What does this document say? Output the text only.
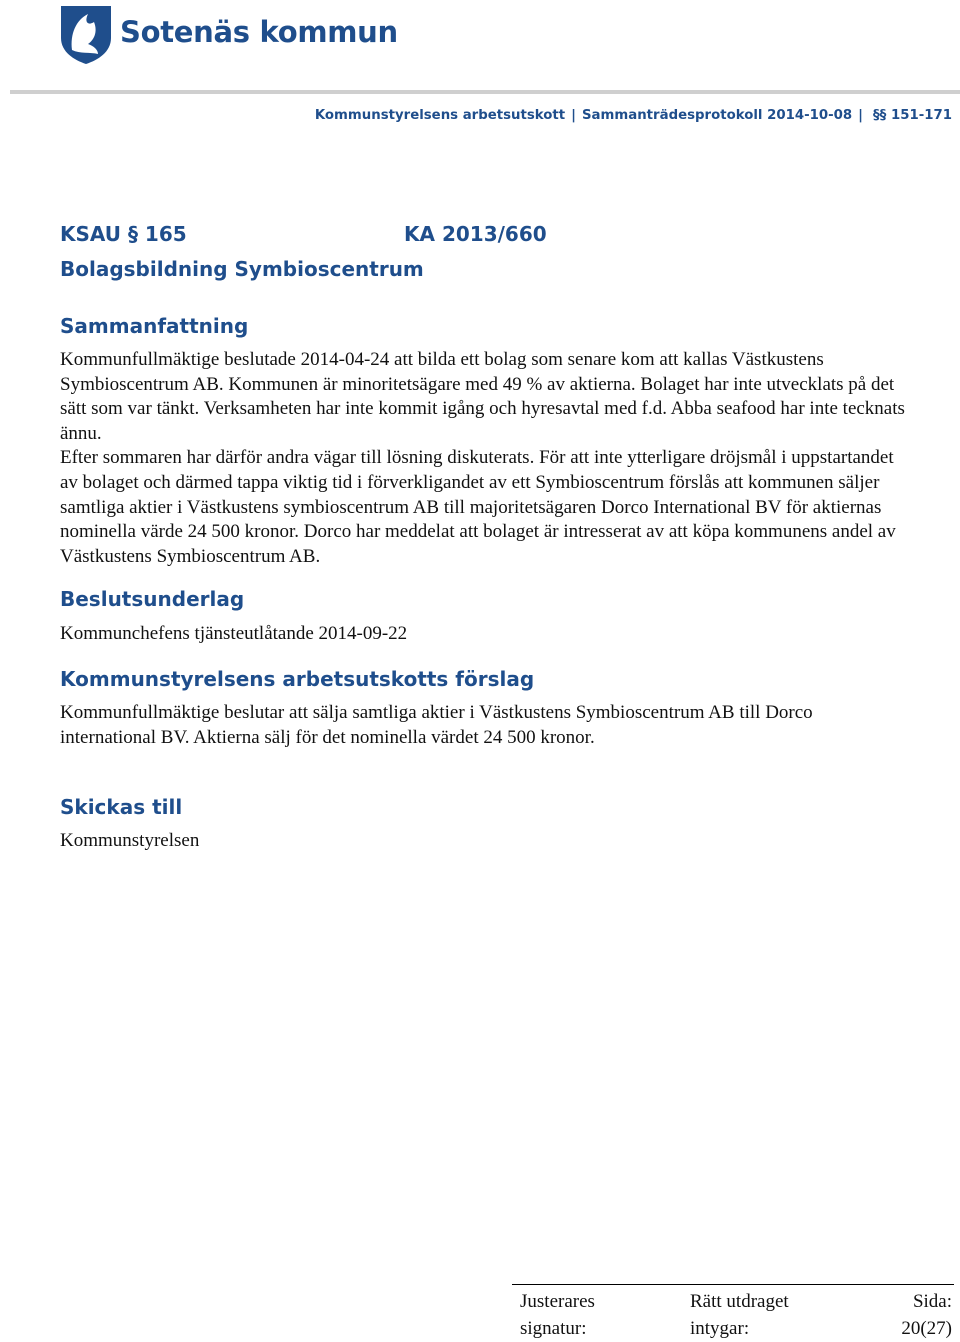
Sotenäs kommun
Kommunstyrelsens arbetsutskott | Sammanträdesprotokoll 2014-10-08 | §§ 151-171
KSAU § 165	KA 2013/660
Bolagsbildning Symbioscentrum
Sammanfattning

Kommunfullmäktige beslutade 2014-04-24 att bilda ett bolag som senare kom att kallas Västkustens Symbioscentrum AB. Kommunen är minoritetsägare med 49 % av aktierna. Bolaget har inte utvecklats på det sätt som var tänkt. Verksamheten har inte kommit igång och hyresavtal med f.d. Abba seafood har inte tecknats ännu.

Efter sommaren har därför andra vägar till lösning diskuterats. För att inte ytterligare dröjsmål i uppstartandet av bolaget och därmed tappa viktig tid i förverkligandet av ett Symbioscentrum förslås att kommunen säljer samtliga aktier i Västkustens symbioscentrum AB till majoritetsägaren Dorco International BV för aktiernas nominella värde 24 500 kronor. Dorco har meddelat att bolaget är intresserat av att köpa kommunens andel av Västkustens Symbioscentrum AB.

Beslutsunderlag
Kommunchefens tjänsteutlåtande 2014-09-22
Kommunstyrelsens arbetsutskotts förslag
Kommunfullmäktige beslutar att sälja samtliga aktier i Västkustens Symbioscentrum AB till Dorco international BV. Aktierna sälj för det nominella värdet 24 500 kronor.
Skickas till
Kommunstyrelsen
Justerares
signatur:
Rätt utdraget
intygar:
Sida:
20(27)
